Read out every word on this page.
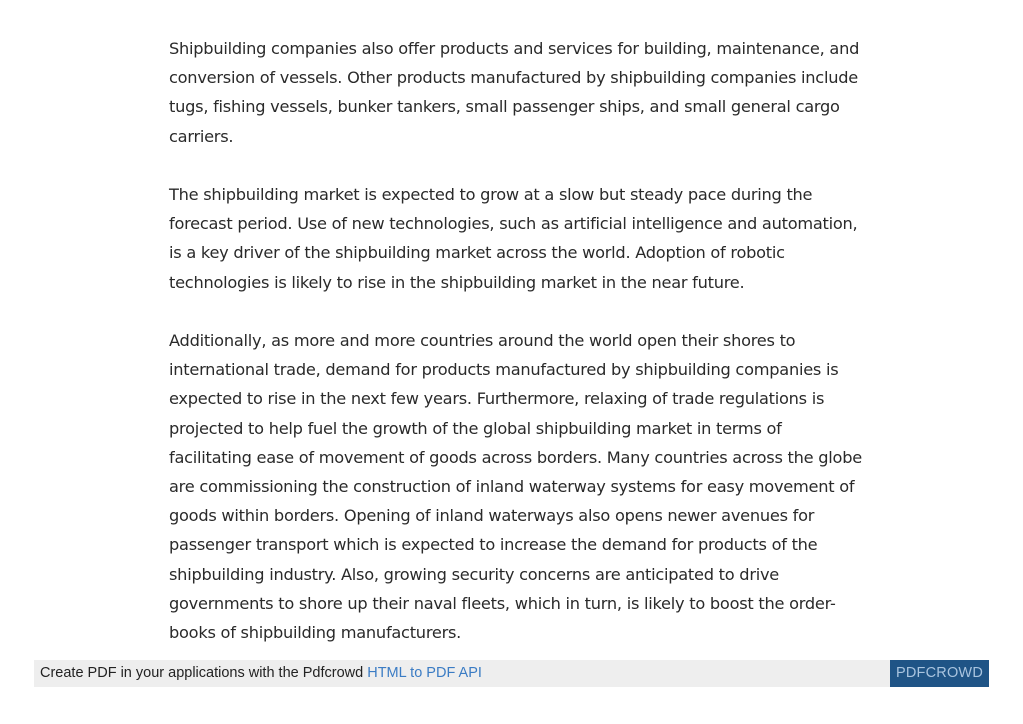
Shipbuilding companies also offer products and services for building, maintenance, and conversion of vessels. Other products manufactured by shipbuilding companies include tugs, fishing vessels, bunker tankers, small passenger ships, and small general cargo carriers.

The shipbuilding market is expected to grow at a slow but steady pace during the forecast period. Use of new technologies, such as artificial intelligence and automation, is a key driver of the shipbuilding market across the world. Adoption of robotic technologies is likely to rise in the shipbuilding market in the near future.

Additionally, as more and more countries around the world open their shores to international trade, demand for products manufactured by shipbuilding companies is expected to rise in the next few years. Furthermore, relaxing of trade regulations is projected to help fuel the growth of the global shipbuilding market in terms of facilitating ease of movement of goods across borders. Many countries across the globe are commissioning the construction of inland waterway systems for easy movement of goods within borders. Opening of inland waterways also opens newer avenues for passenger transport which is expected to increase the demand for products of the shipbuilding industry. Also, growing security concerns are anticipated to drive governments to shore up their naval fleets, which in turn, is likely to boost the order-books of shipbuilding manufacturers.

Create PDF in your applications with the Pdfcrowd HTML to PDF API	PDFCROWD
